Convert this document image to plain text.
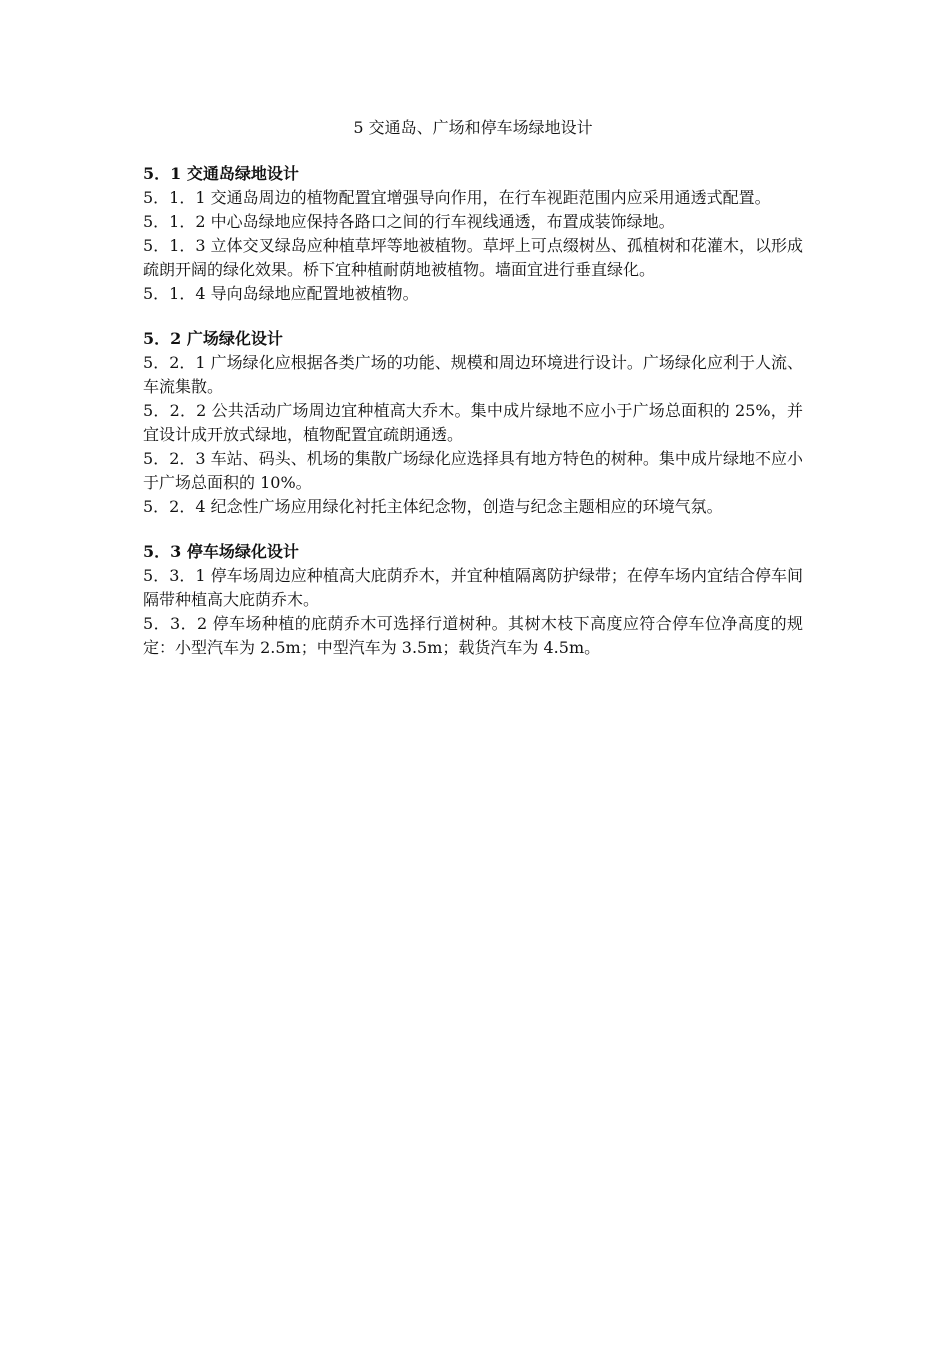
5 交通岛、广场和停车场绿地设计
5．1 交通岛绿地设计

5．1．1 交通岛周边的植物配置宜增强导向作用，在行车视距范围内应采用通透式配置。

5．1．2 中心岛绿地应保持各路口之间的行车视线通透，布置成装饰绿地。

5．1．3 立体交叉绿岛应种植草坪等地被植物。草坪上可点缀树丛、孤植树和花灌木，以形成疏朗开阔的绿化效果。桥下宜种植耐荫地被植物。墙面宜进行垂直绿化。

5．1．4 导向岛绿地应配置地被植物。

5．2 广场绿化设计

5．2．1 广场绿化应根据各类广场的功能、规模和周边环境进行设计。广场绿化应利于人流、车流集散。

5．2．2 公共活动广场周边宜种植高大乔木。集中成片绿地不应小于广场总面积的 25%，并宜设计成开放式绿地，植物配置宜疏朗通透。

5．2．3 车站、码头、机场的集散广场绿化应选择具有地方特色的树种。集中成片绿地不应小于广场总面积的 10%。

5．2．4 纪念性广场应用绿化衬托主体纪念物，创造与纪念主题相应的环境气氛。

5．3 停车场绿化设计

5．3．1 停车场周边应种植高大庇荫乔木，并宜种植隔离防护绿带；在停车场内宜结合停车间隔带种植高大庇荫乔木。

5．3．2 停车场种植的庇荫乔木可选择行道树种。其树木枝下高度应符合停车位净高度的规定：小型汽车为 2.5m；中型汽车为 3.5m；载货汽车为 4.5m。
